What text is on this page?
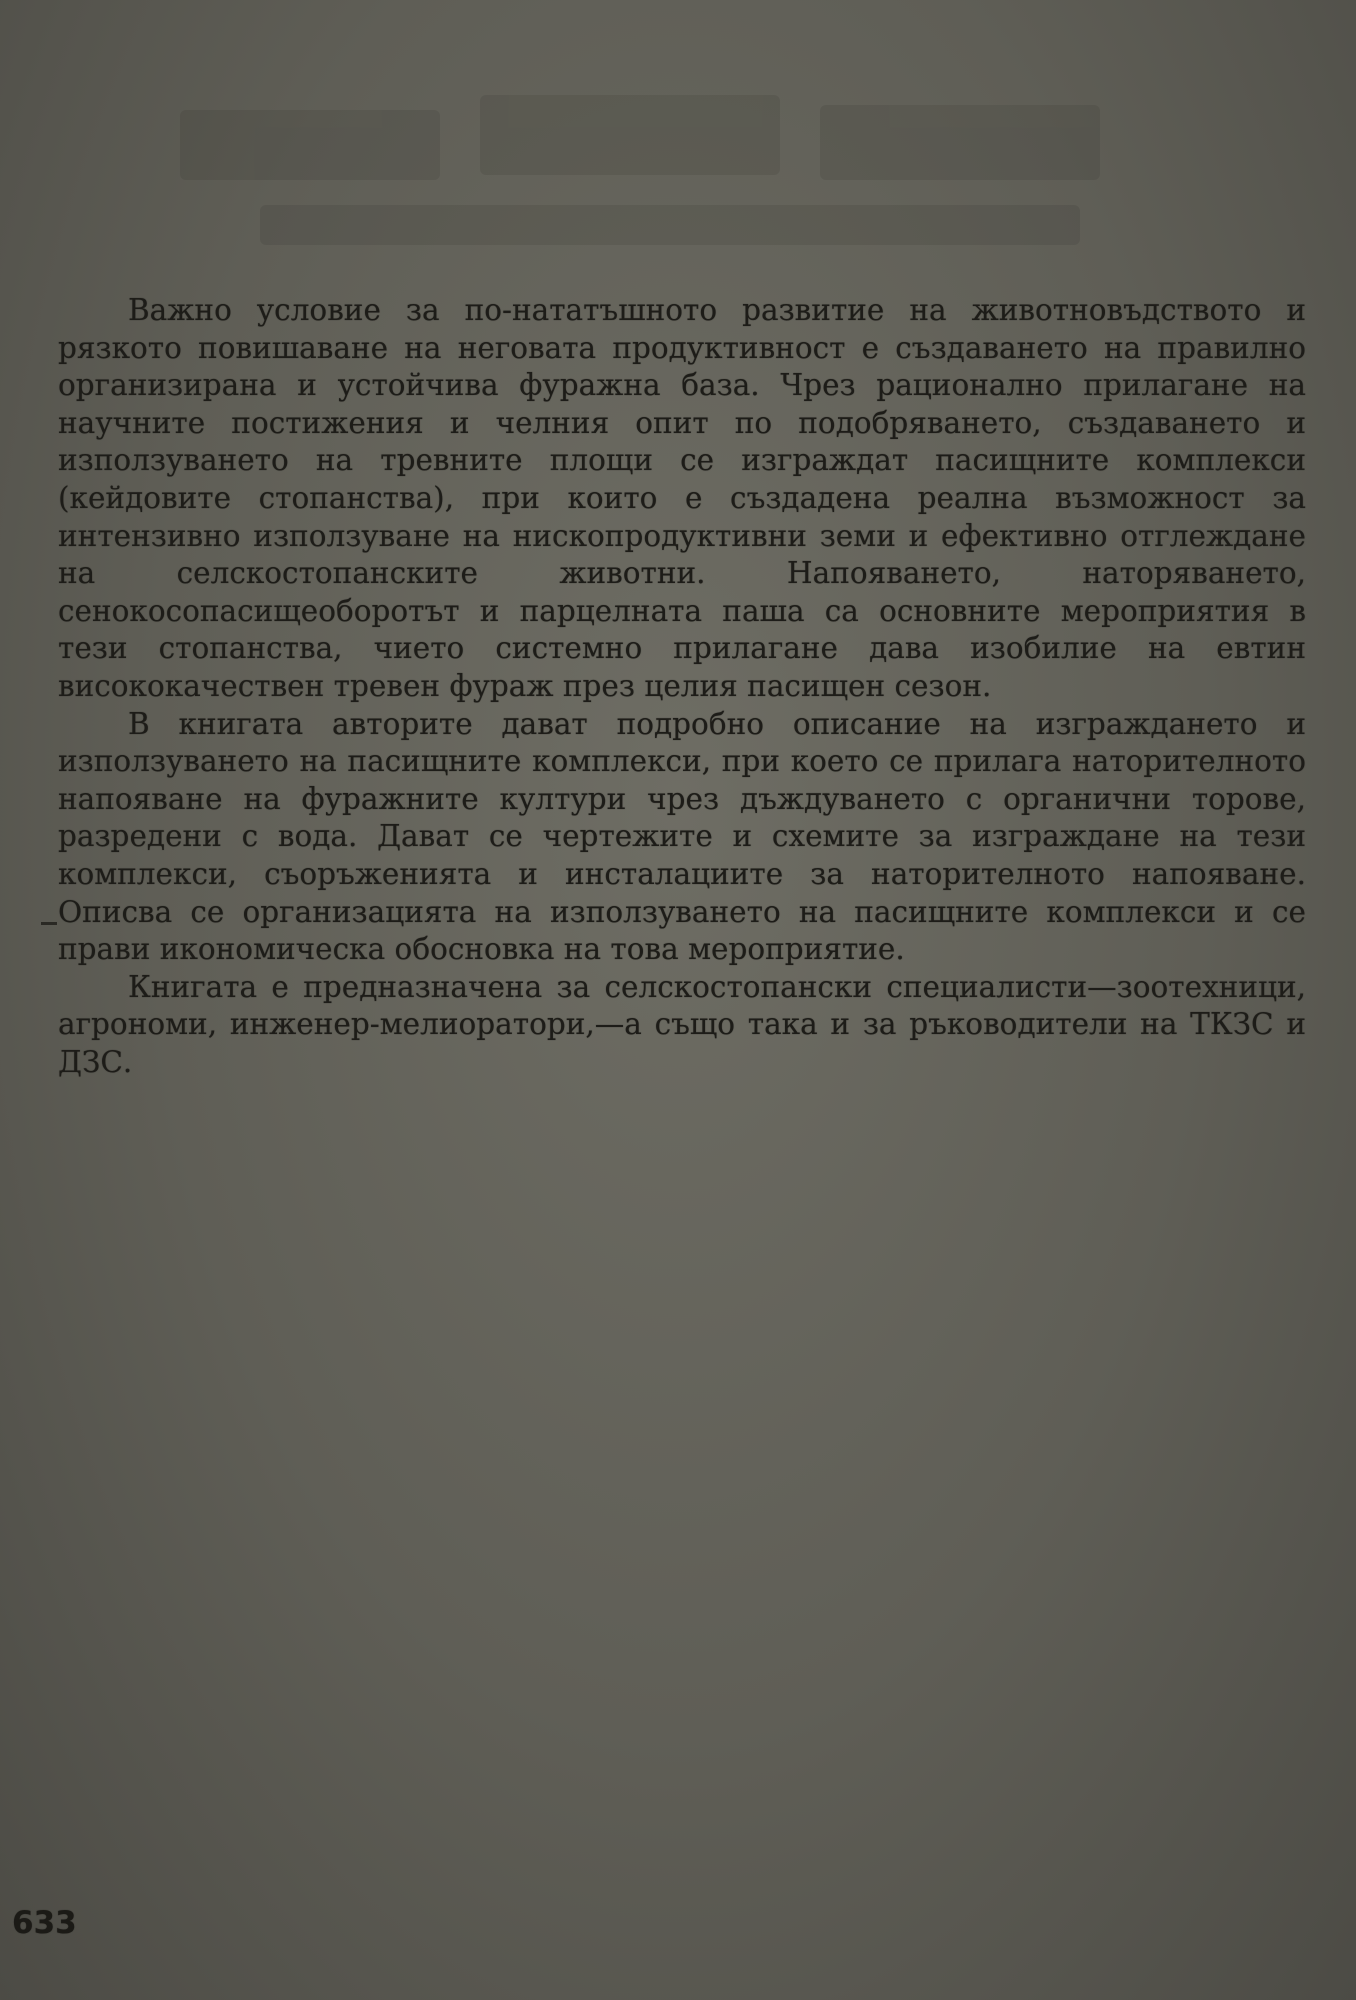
Важно условие за по-нататъшното развитие на животновъдството и рязкото повишаване на неговата продуктивност е създаването на правилно организирана и устойчива фуражна база. Чрез рационално прилагане на научните постижения и челния опит по подобряването, създаването и използуването на тревните площи се изграждат пасищните комплекси (кейдовите стопанства), при които е създадена реална възможност за интензивно използуване на нископродуктивни земи и ефективно отглеждане на селскостопанските животни. Напояването, наторяването, сенокосопасищеоборотът и парцелната паша са основните мероприятия в тези стопанства, чието системно прилагане дава изобилие на евтин висококачествен тревен фураж през целия пасищен сезон.

В книгата авторите дават подробно описание на изграждането и използуването на пасищните комплекси, при което се прилага наторителното напояване на фуражните култури чрез дъждуването с органични торове, разредени с вода. Дават се чертежите и схемите за изграждане на тези комплекси, съоръженията и инсталациите за наторителното напояване. Описва се организацията на използуването на пасищните комплекси и се прави икономическа обосновка на това мероприятие.

Книгата е предназначена за селскостопански специалисти—зоотехници, агрономи, инженер-мелиоратори,—а също така и за ръководители на ТКЗС и ДЗС.

633
